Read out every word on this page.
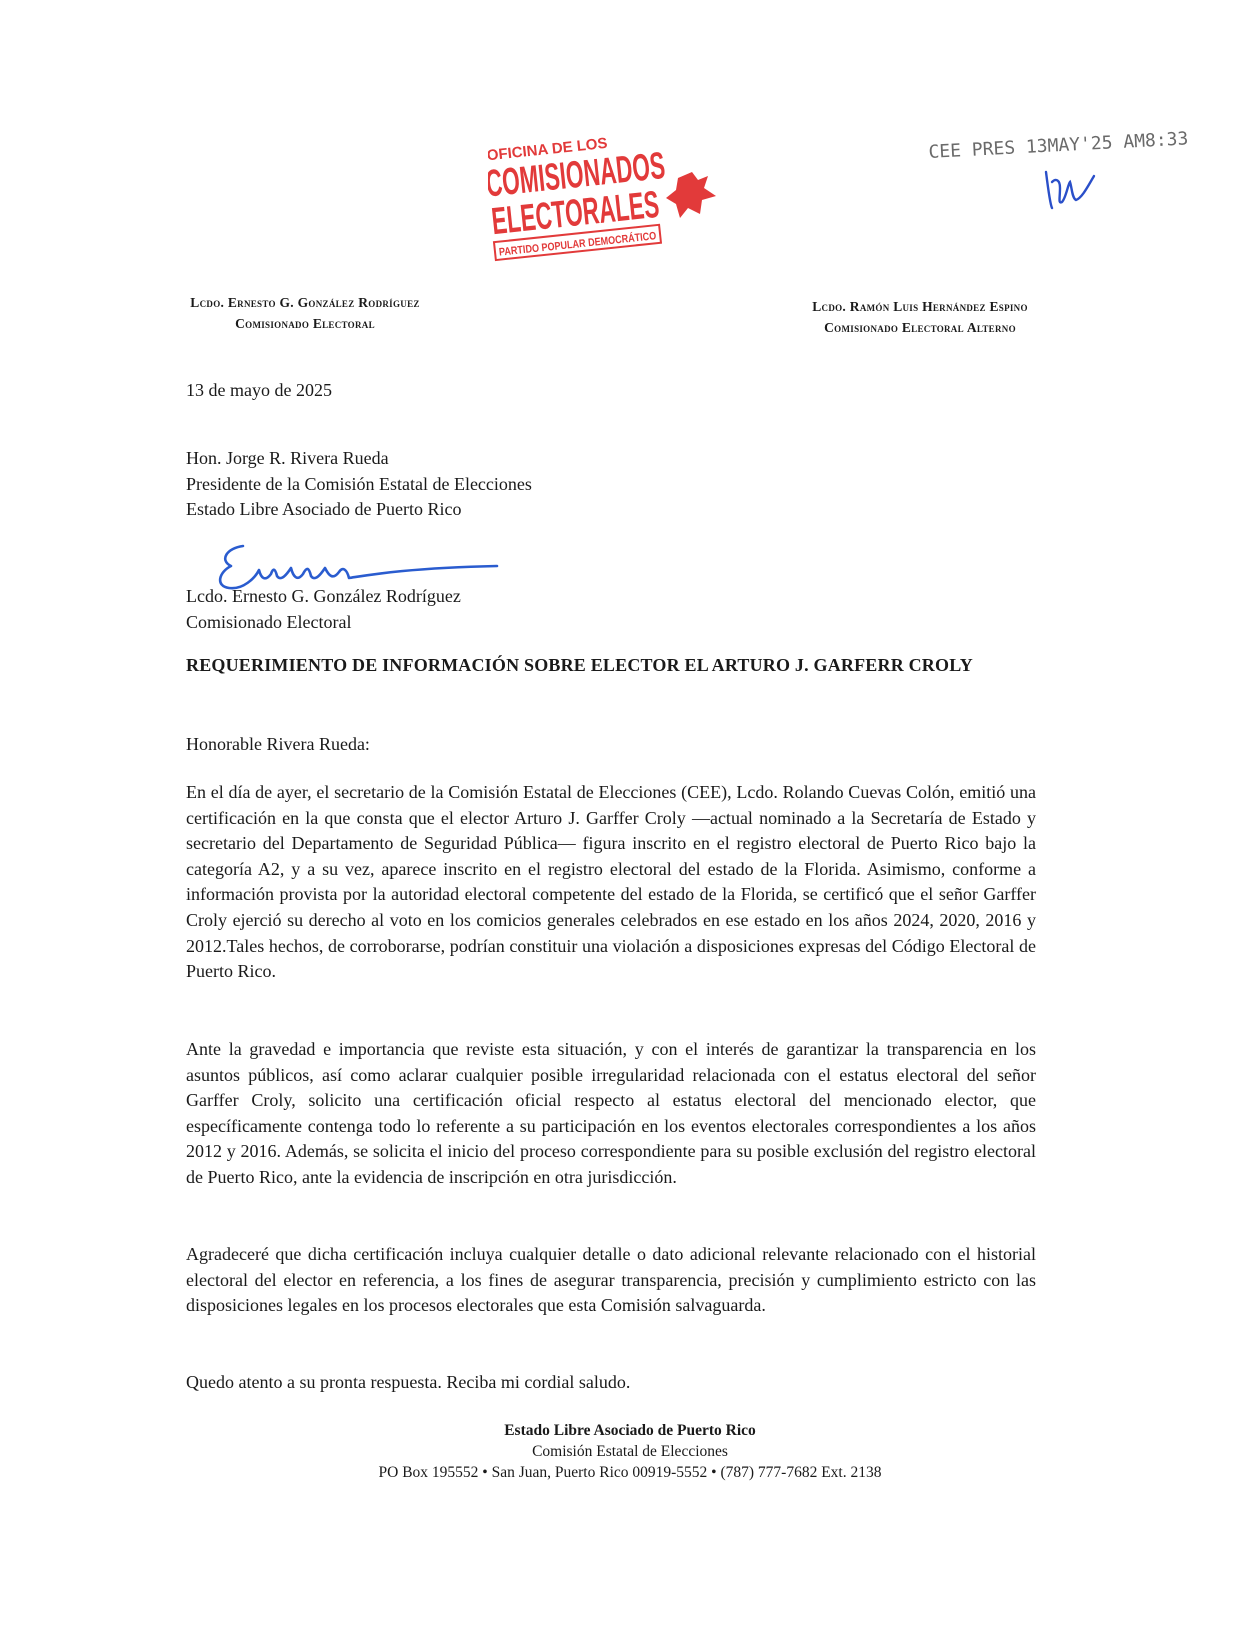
OFICINA DE LOS
COMISIONADOS
ELECTORALES
PARTIDO POPULAR DEMOCRÁTICO
CEE PRES 13MAY'25 AM8:33
Lcdo. Ernesto G. González Rodríguez
Comisionado Electoral
Lcdo. Ramón Luis Hernández Espino
Comisionado Electoral Alterno
13 de mayo de 2025
Hon. Jorge R. Rivera Rueda
Presidente de la Comisión Estatal de Elecciones
Estado Libre Asociado de Puerto Rico
Lcdo. Ernesto G. González Rodríguez
Comisionado Electoral
REQUERIMIENTO DE INFORMACIÓN SOBRE ELECTOR EL ARTURO J. GARFERR CROLY
Honorable Rivera Rueda:
En el día de ayer, el secretario de la Comisión Estatal de Elecciones (CEE), Lcdo. Rolando Cuevas Colón, emitió una certificación en la que consta que el elector Arturo J. Garffer Croly —actual nominado a la Secretaría de Estado y secretario del Departamento de Seguridad Pública— figura inscrito en el registro electoral de Puerto Rico bajo la categoría A2, y a su vez, aparece inscrito en el registro electoral del estado de la Florida. Asimismo, conforme a información provista por la autoridad electoral competente del estado de la Florida, se certificó que el señor Garffer Croly ejerció su derecho al voto en los comicios generales celebrados en ese estado en los años 2024, 2020, 2016 y 2012.Tales hechos, de corroborarse, podrían constituir una violación a disposiciones expresas del Código Electoral de Puerto Rico.
Ante la gravedad e importancia que reviste esta situación, y con el interés de garantizar la transparencia en los asuntos públicos, así como aclarar cualquier posible irregularidad relacionada con el estatus electoral del señor Garffer Croly, solicito una certificación oficial respecto al estatus electoral del mencionado elector, que específicamente contenga todo lo referente a su participación en los eventos electorales correspondientes a los años 2012 y 2016. Además, se solicita el inicio del proceso correspondiente para su posible exclusión del registro electoral de Puerto Rico, ante la evidencia de inscripción en otra jurisdicción.
Agradeceré que dicha certificación incluya cualquier detalle o dato adicional relevante relacionado con el historial electoral del elector en referencia, a los fines de asegurar transparencia, precisión y cumplimiento estricto con las disposiciones legales en los procesos electorales que esta Comisión salvaguarda.
Quedo atento a su pronta respuesta. Reciba mi cordial saludo.
Estado Libre Asociado de Puerto Rico
Comisión Estatal de Elecciones
PO Box 195552 • San Juan, Puerto Rico 00919-5552 • (787) 777-7682 Ext. 2138
